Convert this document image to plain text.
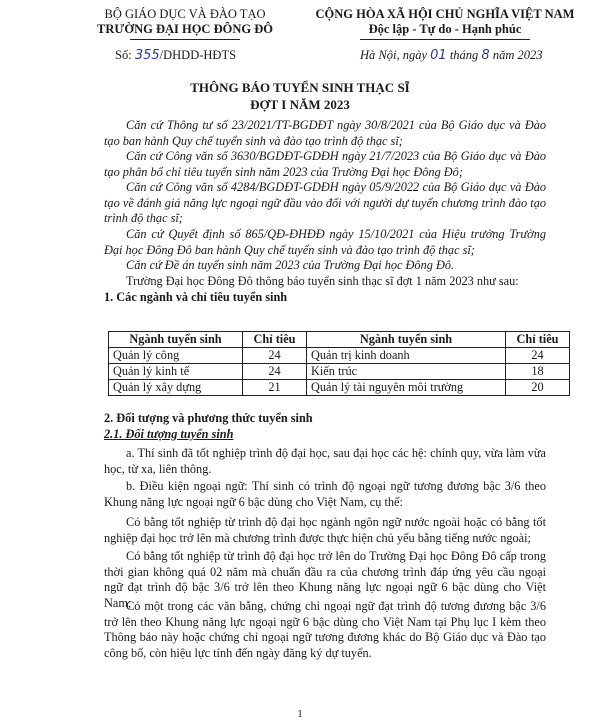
BỘ GIÁO DỤC VÀ ĐÀO TẠO
TRƯỜNG ĐẠI HỌC ĐÔNG ĐÔ
CỘNG HÒA XÃ HỘI CHỦ NGHĨA VIỆT NAM
Độc lập - Tự do - Hạnh phúc
Số: 355/DHDD-HĐTS	Hà Nội, ngày 01 tháng 8 năm 2023
THÔNG BÁO TUYỂN SINH THẠC SĨ
ĐỢT I NĂM 2023
Căn cứ Thông tư số 23/2021/TT-BGDĐT ngày 30/8/2021 của Bộ Giáo dục và Đào tạo ban hành Quy chế tuyển sinh và đào tạo trình độ thạc sĩ;
Căn cứ Công văn số 3630/BGDĐT-GDĐH ngày 21/7/2023 của Bộ Giáo dục và Đào tạo phân bổ chỉ tiêu tuyển sinh năm 2023 của Trường Đại học Đông Đô;
Căn cứ Công văn số 4284/BGDĐT-GDĐH ngày 05/9/2022 của Bộ Giáo dục và Đào tạo về đánh giá năng lực ngoại ngữ đầu vào đối với người dự tuyển chương trình đào tạo trình độ thạc sĩ;
Căn cứ Quyết định số 865/QĐ-ĐHĐĐ ngày 15/10/2021 của Hiệu trưởng Trường Đại học Đông Đô ban hành Quy chế tuyển sinh và đào tạo trình độ thạc sĩ;
Căn cứ Đề án tuyển sinh năm 2023 của Trường Đại học Đông Đô.
Trường Đại học Đông Đô thông báo tuyển sinh thạc sĩ đợt 1 năm 2023 như sau:
1. Các ngành và chỉ tiêu tuyển sinh
Ngành tuyển sinh	Chỉ tiêu	Ngành tuyển sinh	Chỉ tiêu
Quản lý công	24	Quản trị kinh doanh	24
Quản lý kinh tế	24	Kiến trúc	18
Quản lý xây dựng	21	Quản lý tài nguyên môi trường	20
2. Đối tượng và phương thức tuyển sinh
2.1. Đối tượng tuyển sinh
a. Thí sinh đã tốt nghiệp trình độ đại học, sau đại học các hệ: chính quy, vừa làm vừa học, từ xa, liên thông.
b. Điều kiện ngoại ngữ: Thí sinh có trình độ ngoại ngữ tương đương bậc 3/6 theo Khung năng lực ngoại ngữ 6 bậc dùng cho Việt Nam, cụ thể:
Có bằng tốt nghiệp từ trình độ đại học ngành ngôn ngữ nước ngoài hoặc có bằng tốt nghiệp đại học trở lên mà chương trình được thực hiện chủ yếu bằng tiếng nước ngoài;
Có bằng tốt nghiệp từ trình độ đại học trở lên do Trường Đại học Đông Đô cấp trong thời gian không quá 02 năm mà chuẩn đầu ra của chương trình đáp ứng yêu cầu ngoại ngữ đạt trình độ bậc 3/6 trở lên theo Khung năng lực ngoại ngữ 6 bậc dùng cho Việt Nam;
Có một trong các văn bằng, chứng chỉ ngoại ngữ đạt trình độ tương đương bậc 3/6 trở lên theo Khung năng lực ngoại ngữ 6 bậc dùng cho Việt Nam tại Phụ lục I kèm theo Thông báo này hoặc chứng chỉ ngoại ngữ tương đương khác do Bộ Giáo dục và Đào tạo công bố, còn hiệu lực tính đến ngày đăng ký dự tuyển.
1
